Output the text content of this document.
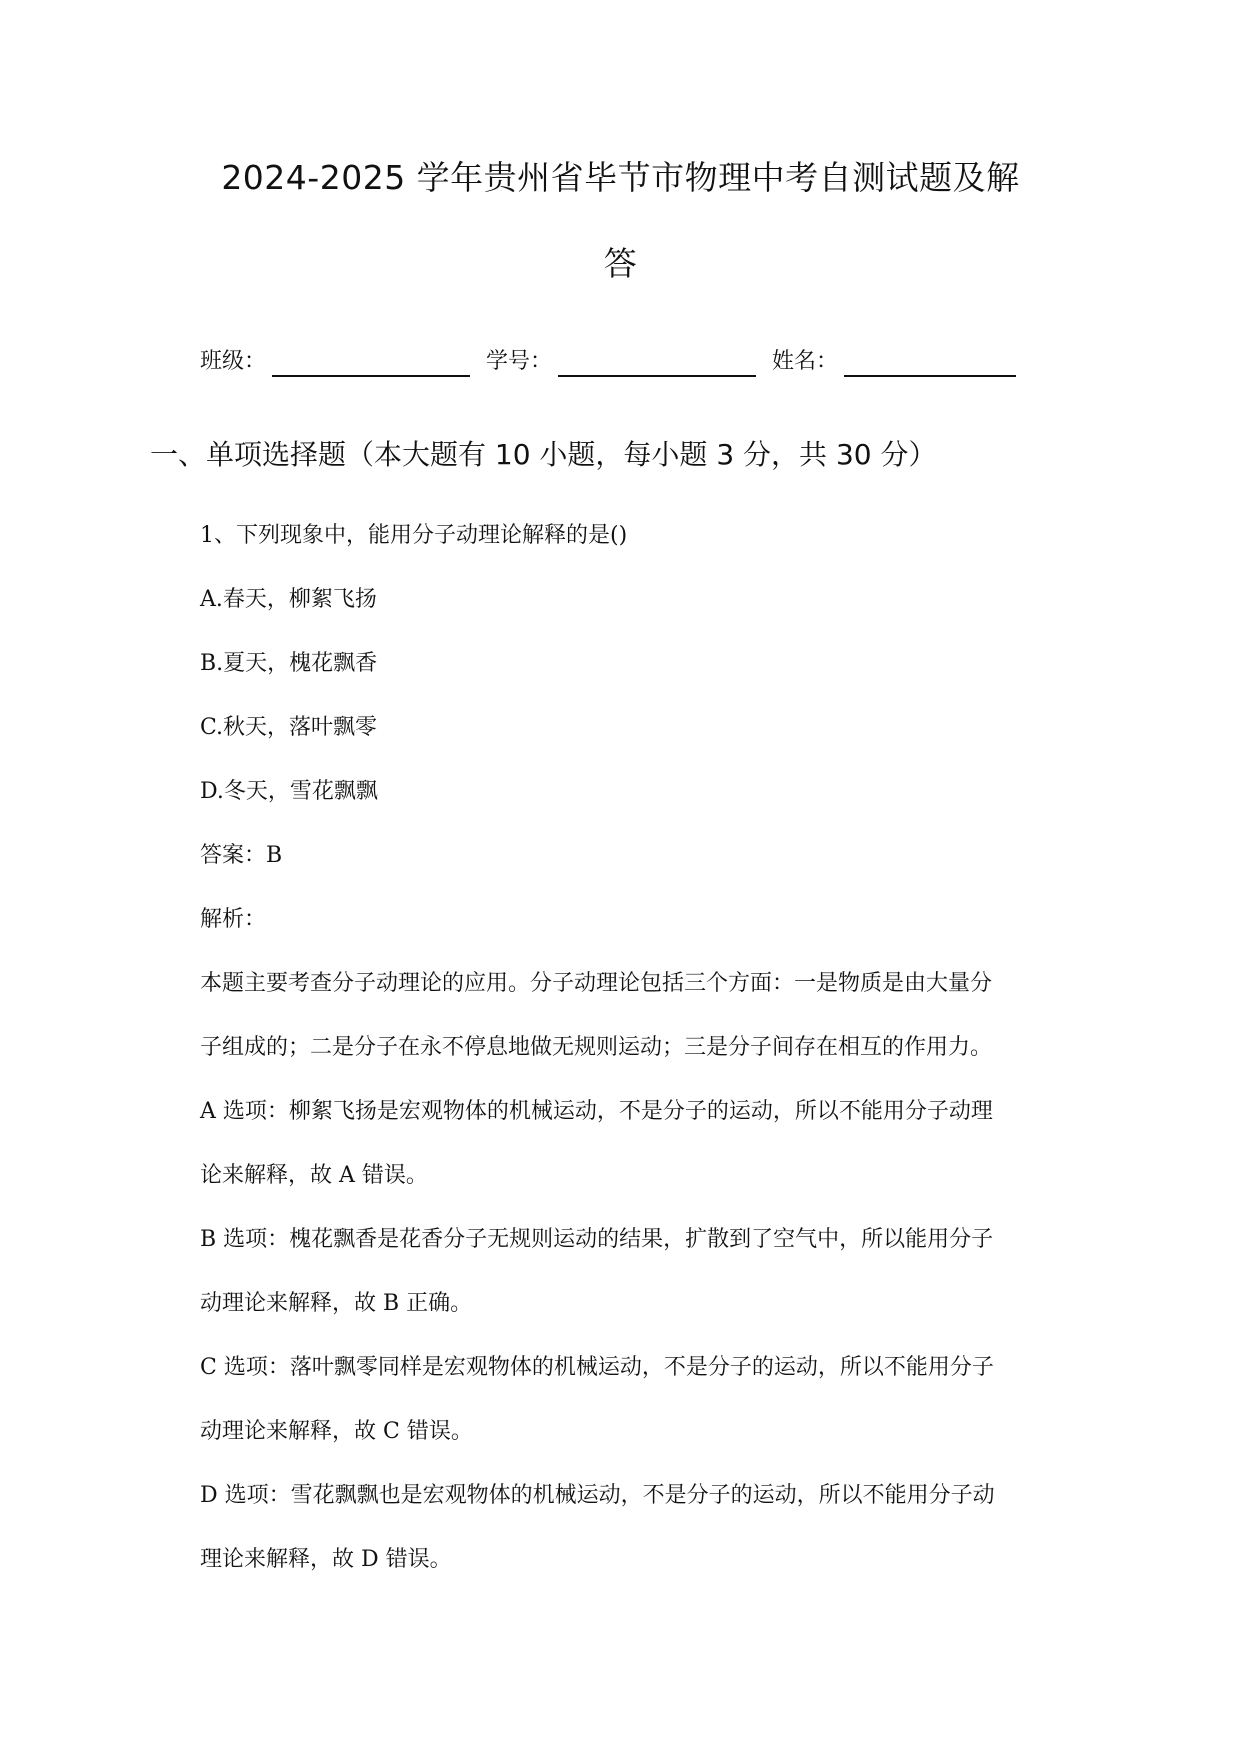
2024-2025 学年贵州省毕节市物理中考自测试题及解
答
班级：	学号：	姓名：
一、单项选择题（本大题有 10 小题，每小题 3 分，共 30 分）

1、下列现象中，能用分子动理论解释的是()

A.春天，柳絮飞扬

B.夏天，槐花飘香

C.秋天，落叶飘零

D.冬天，雪花飘飘

答案：B

解析：

本题主要考查分子动理论的应用。分子动理论包括三个方面：一是物质是由大量分

子组成的；二是分子在永不停息地做无规则运动；三是分子间存在相互的作用力。

A 选项：柳絮飞扬是宏观物体的机械运动，不是分子的运动，所以不能用分子动理

论来解释，故 A 错误。

B 选项：槐花飘香是花香分子无规则运动的结果，扩散到了空气中，所以能用分子

动理论来解释，故 B 正确。

C 选项：落叶飘零同样是宏观物体的机械运动，不是分子的运动，所以不能用分子

动理论来解释，故 C 错误。

D 选项：雪花飘飘也是宏观物体的机械运动，不是分子的运动，所以不能用分子动

理论来解释，故 D 错误。
